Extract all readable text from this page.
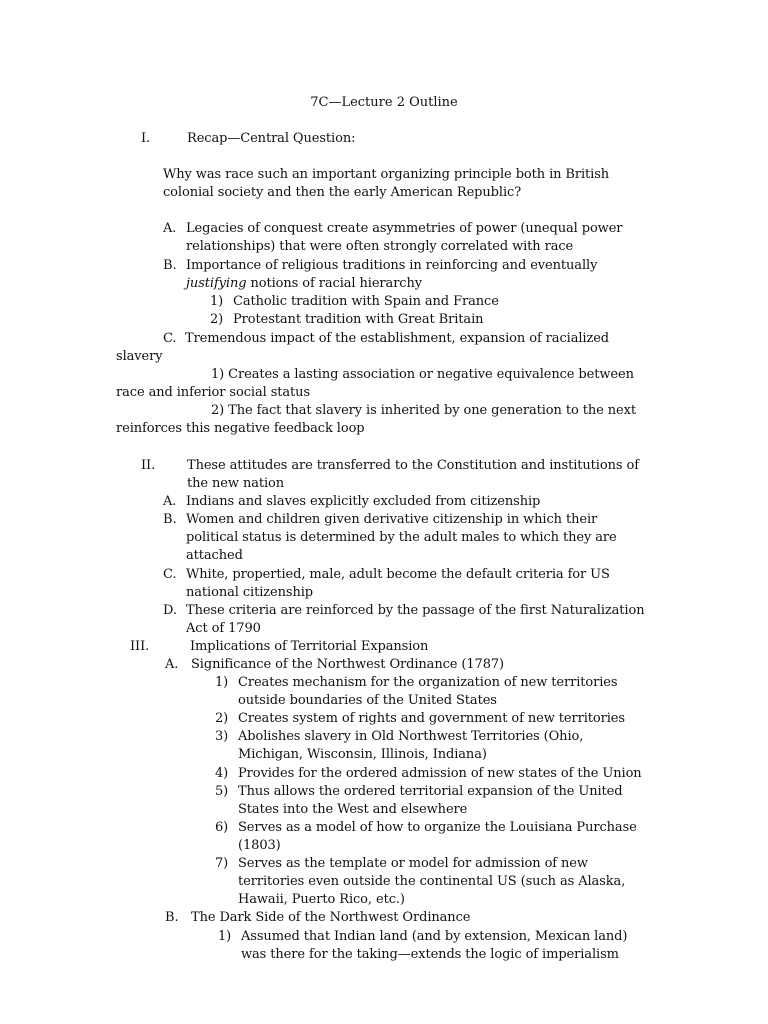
7C—Lecture 2 Outline
I.	Recap—Central Question:
Why was race such an important organizing principle both in British
colonial society and then the early American Republic?
A. Legacies of conquest create asymmetries of power (unequal power
relationships) that were often strongly correlated with race
B. Importance of religious traditions in reinforcing and eventually
justifying notions of racial hierarchy
1) Catholic tradition with Spain and France
2) Protestant tradition with Great Britain
C. Tremendous impact of the establishment, expansion of racialized
slavery
1) Creates a lasting association or negative equivalence between
race and inferior social status
2) The fact that slavery is inherited by one generation to the next
reinforces this negative feedback loop
II. These attitudes are transferred to the Constitution and institutions of
the new nation
A. Indians and slaves explicitly excluded from citizenship
B. Women and children given derivative citizenship in which their
political status is determined by the adult males to which they are
attached
C. White, propertied, male, adult become the default criteria for US
national citizenship
D. These criteria are reinforced by the passage of the first Naturalization
Act of 1790
III.	Implications of Territorial Expansion
A. Significance of the Northwest Ordinance (1787)
1) Creates mechanism for the organization of new territories
outside boundaries of the United States
2) Creates system of rights and government of new territories
3) Abolishes slavery in Old Northwest Territories (Ohio,
Michigan, Wisconsin, Illinois, Indiana)
4) Provides for the ordered admission of new states of the Union
5) Thus allows the ordered territorial expansion of the United
States into the West and elsewhere
6) Serves as a model of how to organize the Louisiana Purchase
(1803)
7) Serves as the template or model for admission of new
territories even outside the continental US (such as Alaska,
Hawaii, Puerto Rico, etc.)
B. The Dark Side of the Northwest Ordinance
1) Assumed that Indian land (and by extension, Mexican land)
was there for the taking—extends the logic of imperialism
